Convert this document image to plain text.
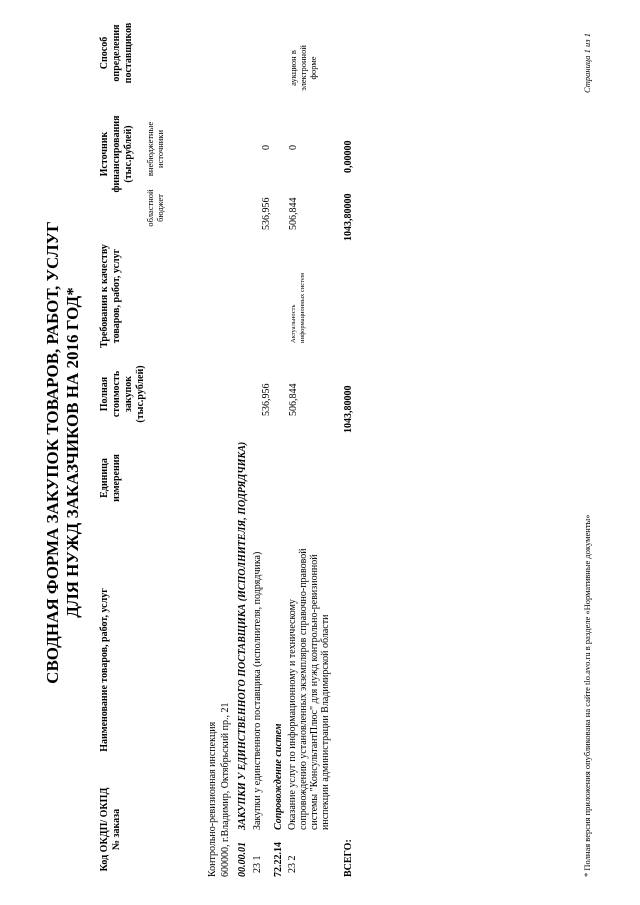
СВОДНАЯ ФОРМА ЗАКУПОК ТОВАРОВ, РАБОТ, УСЛУГ ДЛЯ НУЖД ЗАКАЗЧИКОВ НА 2016 ГОД*
Код ОКДП/ ОКПД № заказа
Наименование товаров, работ, услуг
Единица измерения
Полная стоимость закупок (тыс.рублей)
Требования к качеству товаров, работ, услуг
Источник финансирования (тыс.рублей)
областной бюджет
внебюджетные источники
Способ определения поставщиков
Контрольно-ревизионная инспекция 600000, г.Владимир, Октябрьский пр., 21 00.00.01
ЗАКУПКИ У ЕДИНСТВЕННОГО ПОСТАВЩИКА (ИСПОЛНИТЕЛЯ, ПОДРЯДЧИКА)
23 1
Закупки у единственного поставщика (исполнителя, подрядчика)
536,956
536,956
0
72.22.14
Сопровождение систем
23 2
Оказание услуг по информационному и техническому сопровождению установленных экземпляров справочно-правовой системы "КонсультантПлюс" для нужд контрольно-ревизионной инспекции администрации Владимирской области
506,844
Актуальность информационных систем
506,844
0
аукцион в электронной форме
ВСЕГО:
1043,80000
1043,80000
0,00000
* Полная версия приложения опубликована на сайте tlo.avo.ru в разделе «Нормативные документы»
Страница 1 из 1
